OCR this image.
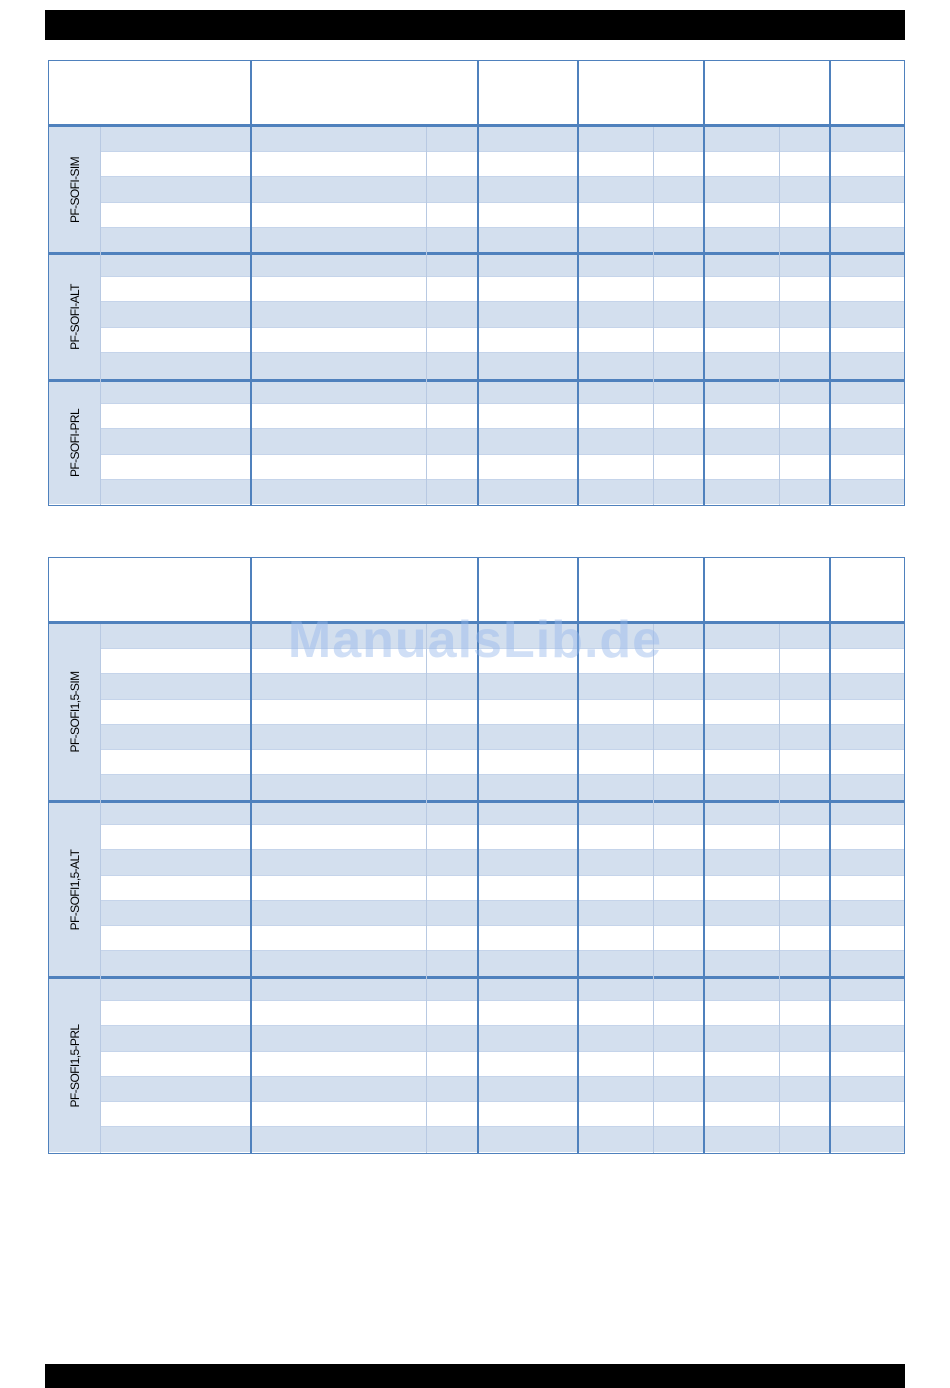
PF-SOFI-SIM
PF-SOFI-ALT
PF-SOFI-PRL
PF-SOFI1,5-SIM
PF-SOFI1,5-ALT
PF-SOFI1,5-PRL
ManualsLib.de
